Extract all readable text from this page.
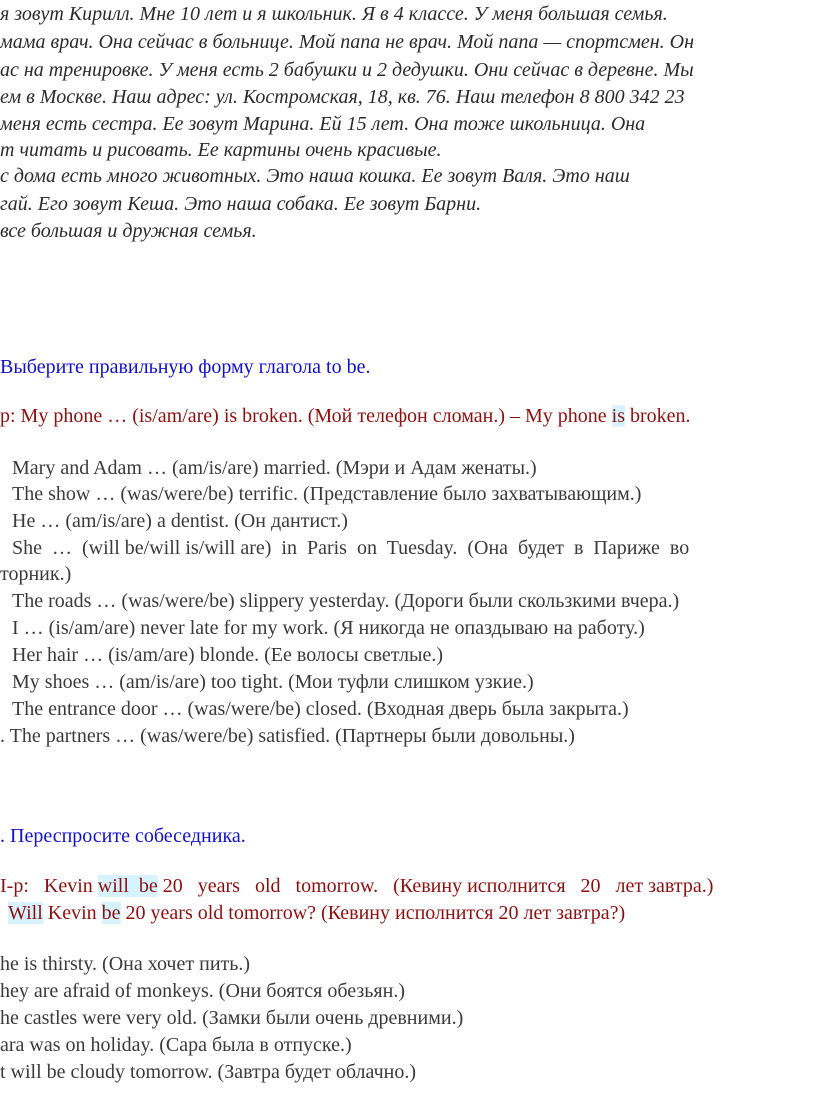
я зовут Кирилл. Мне 10 лет и я школьник. Я в 4 классе. У меня большая семья.
мама врач. Она сейчас в больнице. Мой папа не врач. Мой папа — спортсмен. Он
ас на тренировке. У меня есть 2 бабушки и 2 дедушки. Они сейчас в деревне. Мы
ем в Москве. Наш адрес: ул. Костромская, 18, кв. 76. Наш телефон 8 800 342 23
меня есть сестра. Ее зовут Марина. Ей 15 лет. Она тоже школьница. Она
т читать и рисовать. Ее картины очень красивые.
с дома есть много животных. Это наша кошка. Ее зовут Валя. Это наш
гай. Его зовут Кеша. Это наша собака. Ее зовут Барни.
все большая и дружная семья.
Выберите правильную форму глагола to be.
р: My phone … (is/am/are) is broken. (Мой телефон сломан.) – My phone is broken.
Mary and Adam … (am/is/are) married. (Мэри и Адам женаты.)
The show … (was/were/be) terrific. (Представление было захватывающим.)
He … (am/is/are) a dentist. (Он дантист.)
She  …  (will be/will is/will are)  in  Paris  on  Tuesday.  (Она  будет  в  Париже  во
торник.)
The roads … (was/were/be) slippery yesterday. (Дороги были скользкими вчера.)
I … (is/am/are) never late for my work. (Я никогда не опаздываю на работу.)
Her hair … (is/am/are) blonde. (Ее волосы светлые.)
My shoes … (am/is/are) too tight. (Мои туфли слишком узкие.)
The entrance door … (was/were/be) closed. (Входная дверь была закрыта.)
. The partners … (was/were/be) satisfied. (Партнеры были довольны.)
. Переспросите собеседника.
І-р:   Kevin will  be 20   years   old   tomorrow.   (Кевину исполнится   20   лет завтра.)
Will Kevin be 20 years old tomorrow? (Кевину исполнится 20 лет завтра?)
he is thirsty. (Она хочет пить.)
hey are afraid of monkeys. (Они боятся обезьян.)
he castles were very old. (Замки были очень древними.)
ara was on holiday. (Сара была в отпуске.)
t will be cloudy tomorrow. (Завтра будет облачно.)
